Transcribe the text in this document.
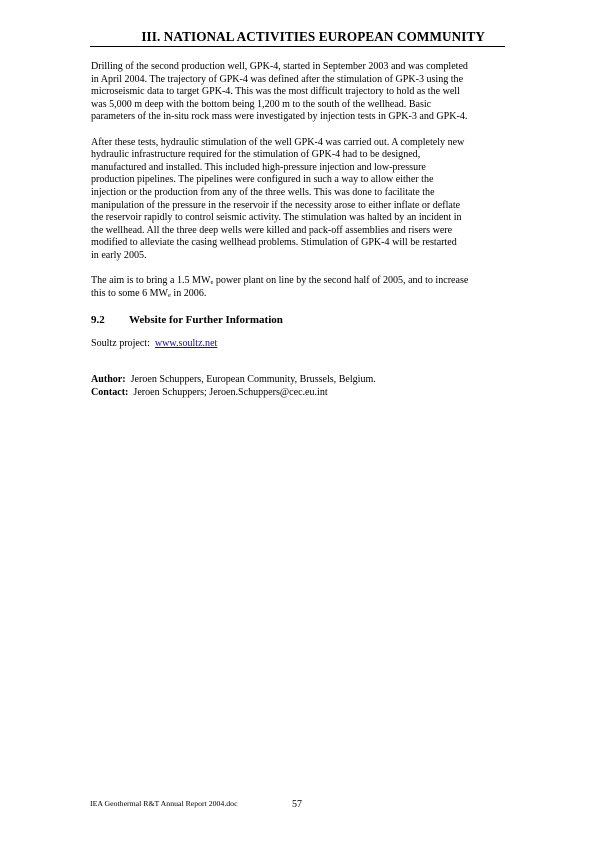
III. NATIONAL ACTIVITIES EUROPEAN COMMUNITY

Drilling of the second production well, GPK-4, started in September 2003 and was completed
in April 2004. The trajectory of GPK-4 was defined after the stimulation of GPK-3 using the
microseismic data to target GPK-4. This was the most difficult trajectory to hold as the well
was 5,000 m deep with the bottom being 1,200 m to the south of the wellhead. Basic
parameters of the in-situ rock mass were investigated by injection tests in GPK-3 and GPK-4.

After these tests, hydraulic stimulation of the well GPK-4 was carried out. A completely new
hydraulic infrastructure required for the stimulation of GPK-4 had to be designed,
manufactured and installed. This included high-pressure injection and low-pressure
production pipelines. The pipelines were configured in such a way to allow either the
injection or the production from any of the three wells. This was done to facilitate the
manipulation of the pressure in the reservoir if the necessity arose to either inflate or deflate
the reservoir rapidly to control seismic activity. The stimulation was halted by an incident in
the wellhead. All the three deep wells were killed and pack-off assemblies and risers were
modified to alleviate the casing wellhead problems. Stimulation of GPK-4 will be restarted
in early 2005.

The aim is to bring a 1.5 $MW_e$ power plant on line by the second half of 2005, and to increase
this to some 6 $MW_e$ in 2006.

9.2 Website for Further Information

Soultz project:  www.soultz.net

Author:  Jeroen Schuppers, European Community, Brussels, Belgium.
Contact:  Jeroen Schuppers; Jeroen.Schuppers@cec.eu.int

IEA Geothermal R&T Annual Report 2004.doc	57
